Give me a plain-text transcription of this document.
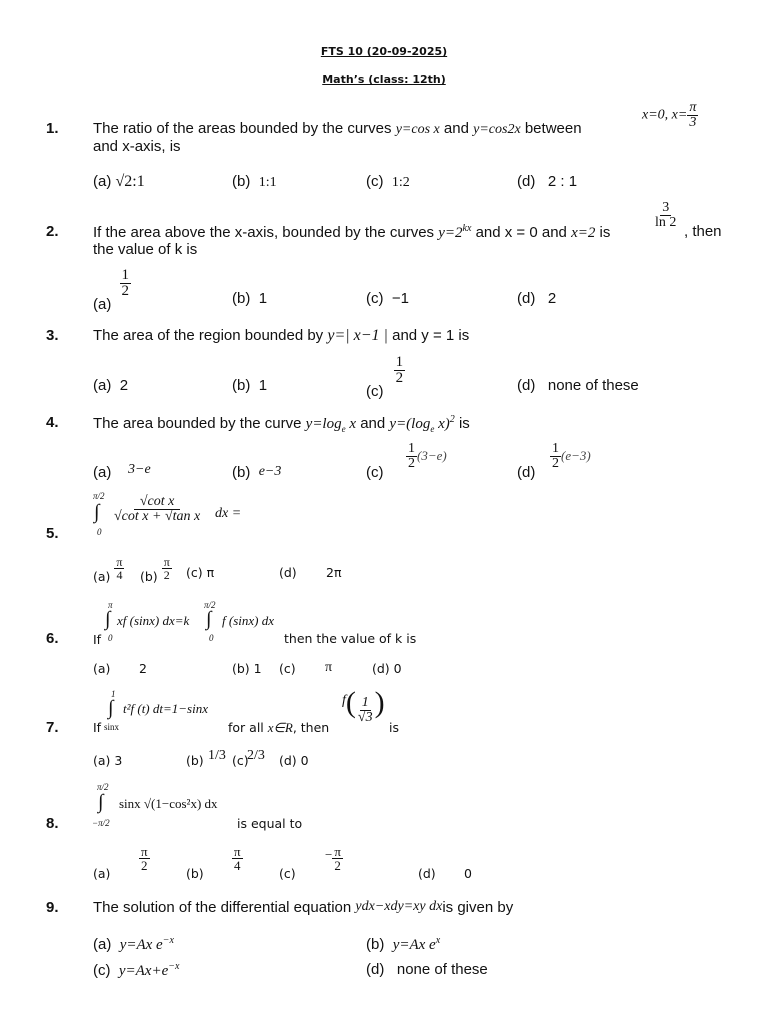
FTS 10 (20-09-2025)
Math’s (class: 12th)
1. The ratio of the areas bounded by the curves y=cos x and y=cos2x between
x=0, $x= \frac{\pi}{3}$
and x-axis, is
(a) √2:1	(b) 1:1	(c) 1:2	(d) 2 : 1
2. If the area above the x-axis, bounded by the curves $y=2^{kx}$ and x = 0 and x=2 is
$\frac{3}{\ln 2}$
, then
the value of k is
(a)
$\frac{1}{2}$	(b) 1	(c) −1	(d) 2
3. The area of the region bounded by y=| x−1 | and y = 1 is
(a) 2	(b) 1	(c)
$\frac{1}{2}$	(d) none of these
4. The area bounded by the curve $y=\log_e$ x and $y=(\log_e$ x)$^2$ is
(a) 3−e	(b) e−3	(c)
$\frac{1}{2} (3-e)$
(d)
$\frac{1}{2} (e-3)$
π/2
∫
0
$\frac{\text{√cot x}}{\text{√cot x + √tan x}}$ dx =
5.
$(a) \frac{\pi}{4} (b) \frac{\pi}{2} (c)$ π	(d) 2π
π
∫
0
xf (sinx) dx=k
π/2
∫
0
f (sinx) dx
6.	If	then the value of k is
(a) 2	(b) 1 (c) π	(d) 0
1
∫
sinx
t²f (t) dt=1−sinx
7.	If	for all x∈R, then
$f( \frac{1}{√3}$ )
is
(a) 3	(b) 1/3 (c)
2/3 (d) 0
π/2
∫
−π/2
sinx √(1−cos²x) dx
8.	is equal to
(a)
$\frac{\pi}{2}$
(b)
$\frac{\pi}{4}$
(c)
− $\frac{\pi}{2}$
(d) 0
9. The solution of the differential equation ydx−xdy=xy dxis given by
(a) y=Ax $e^{-x}$	(b) y=Ax $e^x$
(c) $y=Ax+e^{-x}$	(d) none of these
